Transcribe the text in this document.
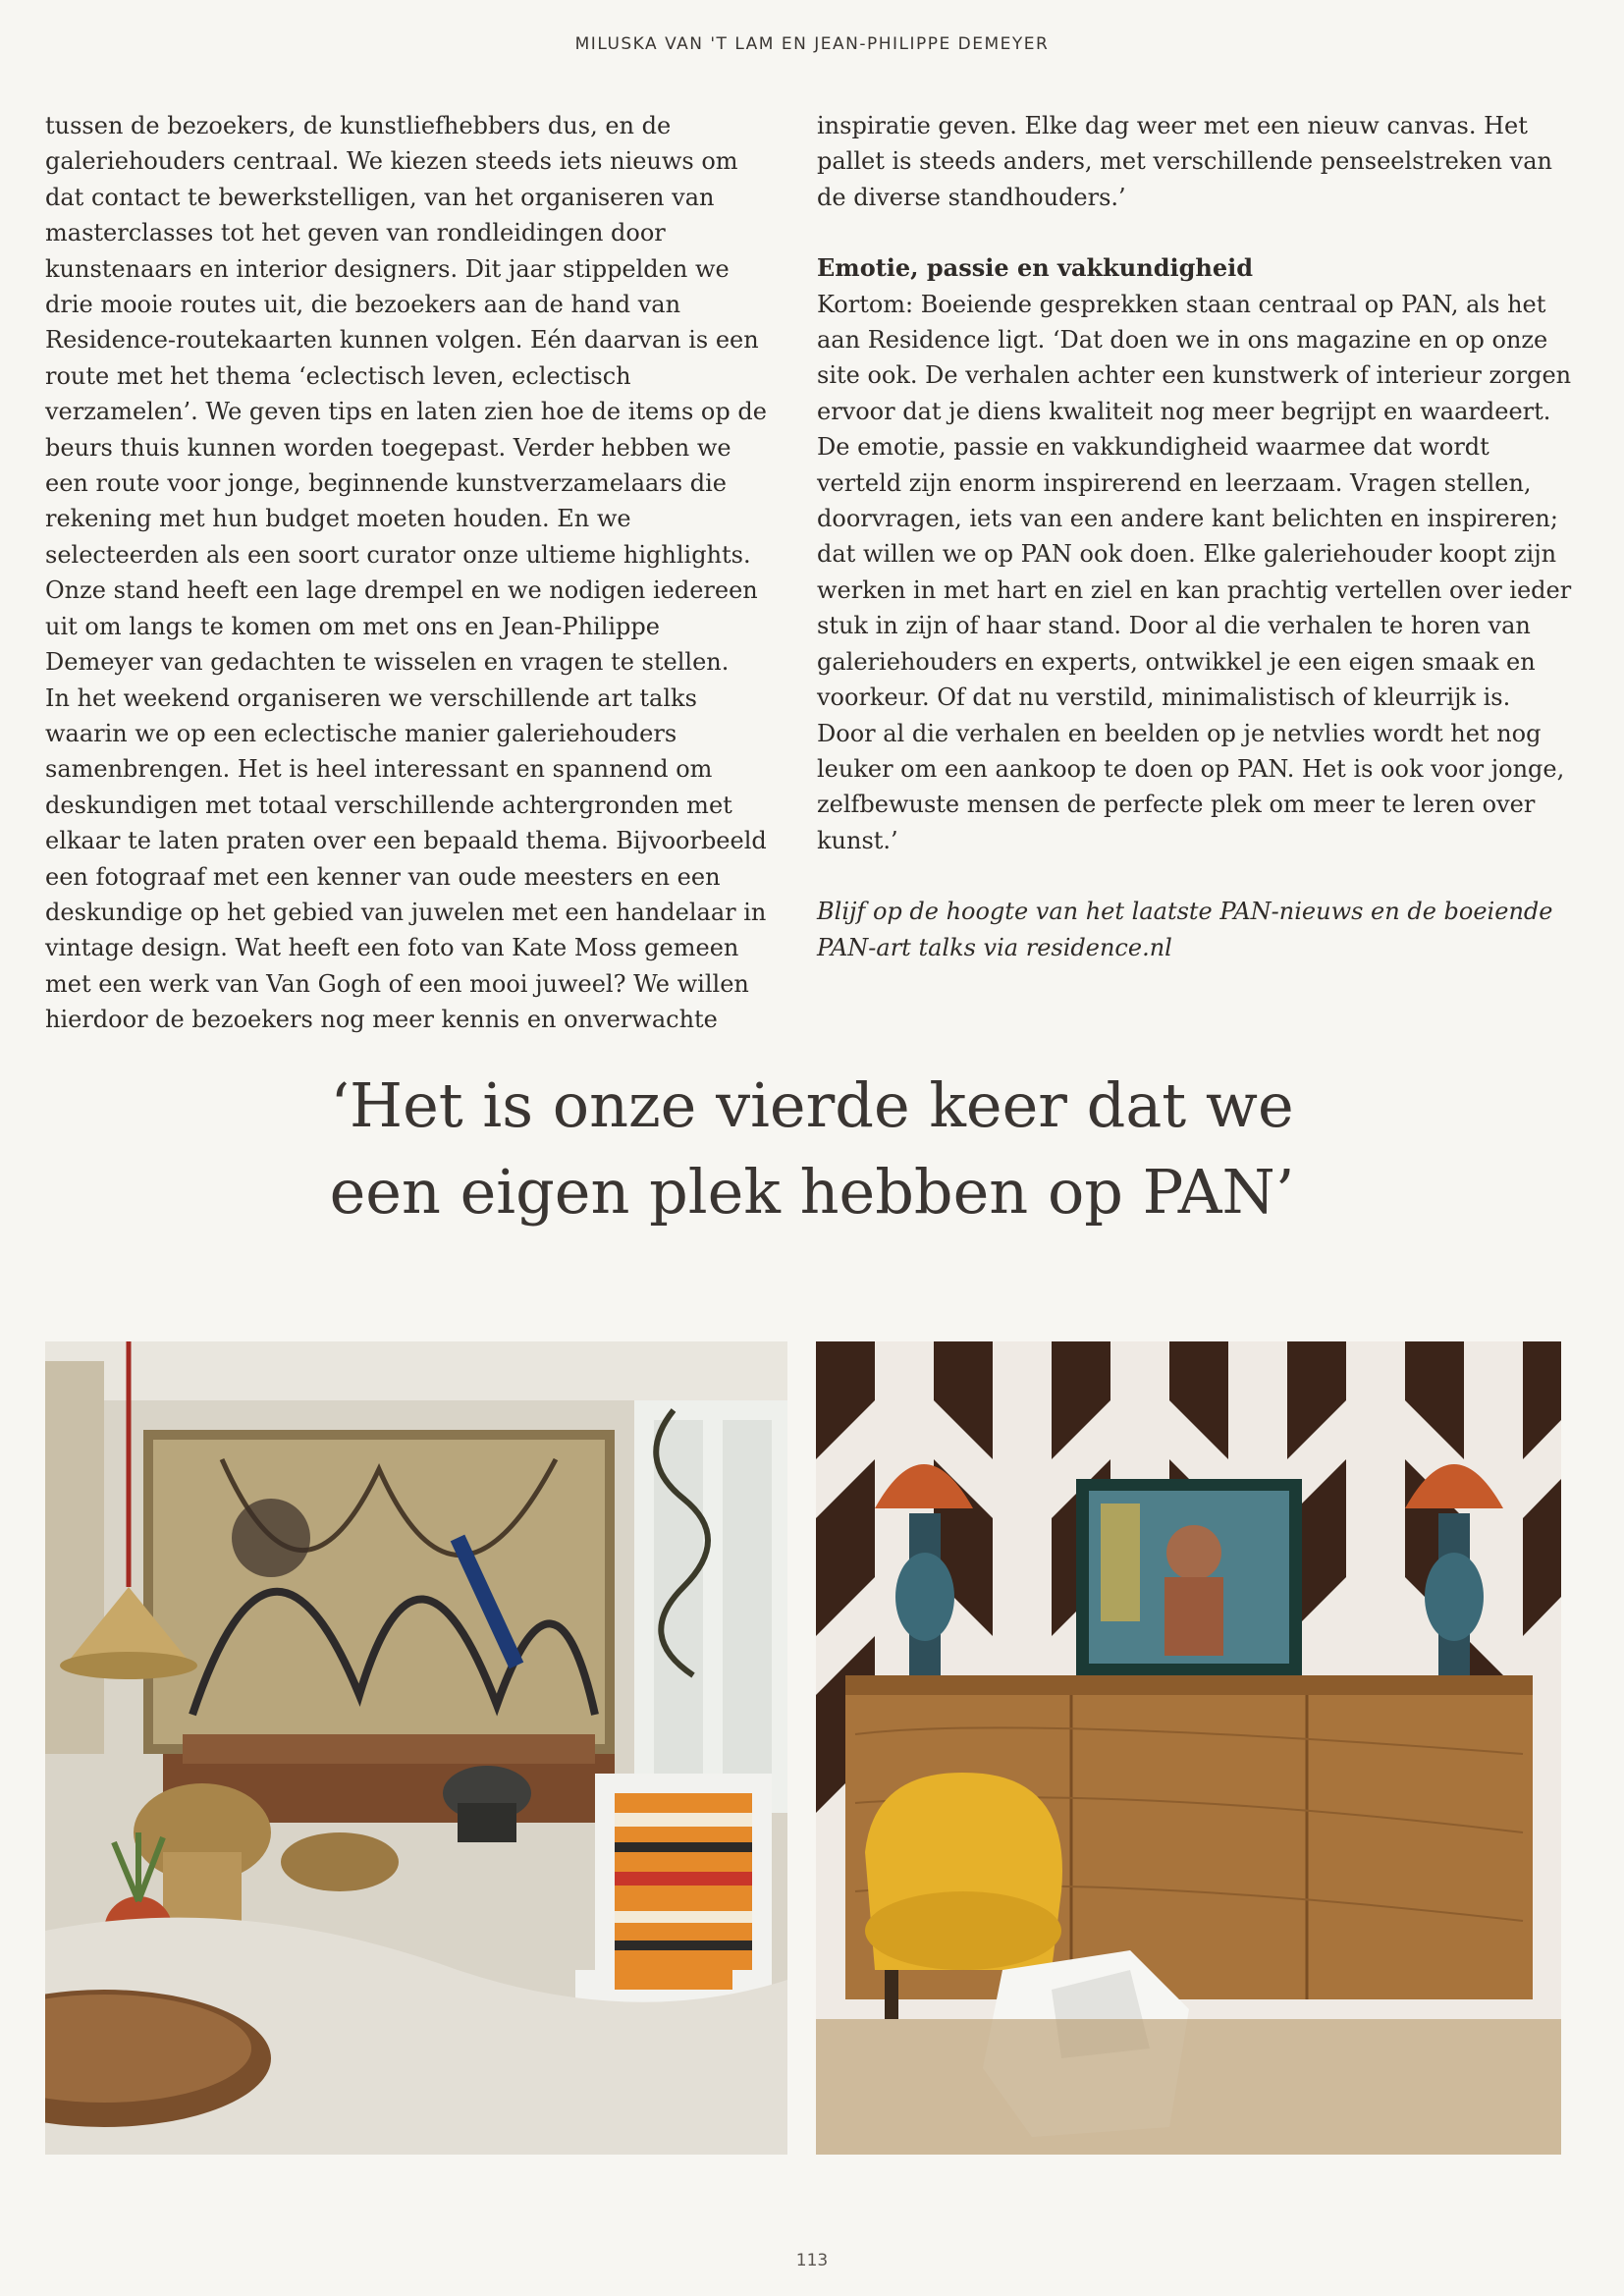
MILUSKA VAN 'T LAM EN JEAN-PHILIPPE DEMEYER

tussen de bezoekers, de kunstliefhebbers dus, en de galeriehouders centraal. We kiezen steeds iets nieuws om dat contact te bewerkstelligen, van het organiseren van masterclasses tot het geven van rondleidingen door kunstenaars en interior designers. Dit jaar stippelden we drie mooie routes uit, die bezoekers aan de hand van Residence-routekaarten kunnen volgen. Eén daarvan is een route met het thema ‘eclectisch leven, eclectisch verzamelen’. We geven tips en laten zien hoe de items op de beurs thuis kunnen worden toegepast. Verder hebben we een route voor jonge, beginnende kunstverzamelaars die rekening met hun budget moeten houden. En we selecteerden als een soort curator onze ultieme highlights. Onze stand heeft een lage drempel en we nodigen iedereen uit om langs te komen om met ons en Jean-Philippe Demeyer van gedachten te wisselen en vragen te stellen.

In het weekend organiseren we verschillende art talks waarin we op een eclectische manier galeriehouders samenbrengen. Het is heel interessant en spannend om deskundigen met totaal verschillende achtergronden met elkaar te laten praten over een bepaald thema. Bijvoorbeeld een fotograaf met een kenner van oude meesters en een deskundige op het gebied van juwelen met een handelaar in vintage design. Wat heeft een foto van Kate Moss gemeen met een werk van Van Gogh of een mooi juweel? We willen hierdoor de bezoekers nog meer kennis en onverwachte

inspiratie geven. Elke dag weer met een nieuw canvas. Het pallet is steeds anders, met verschillende penseelstreken van de diverse standhouders.’

Emotie, passie en vakkundigheid

Kortom: Boeiende gesprekken staan centraal op PAN, als het aan Residence ligt. ‘Dat doen we in ons magazine en op onze site ook. De verhalen achter een kunstwerk of interieur zorgen ervoor dat je diens kwaliteit nog meer begrijpt en waardeert. De emotie, passie en vakkundigheid waarmee dat wordt verteld zijn enorm inspirerend en leerzaam. Vragen stellen, doorvragen, iets van een andere kant belichten en inspireren; dat willen we op PAN ook doen. Elke galeriehouder koopt zijn werken in met hart en ziel en kan prachtig vertellen over ieder stuk in zijn of haar stand. Door al die verhalen te horen van galeriehouders en experts, ontwikkel je een eigen smaak en voorkeur. Of dat nu verstild, minimalistisch of kleurrijk is. Door al die verhalen en beelden op je netvlies wordt het nog leuker om een aankoop te doen op PAN. Het is ook voor jonge, zelfbewuste mensen de perfecte plek om meer te leren over kunst.’

Blijf op de hoogte van het laatste PAN-nieuws en de boeiende PAN-art talks via residence.nl

‘Het is onze vierde keer dat we
een eigen plek hebben op PAN’
113
